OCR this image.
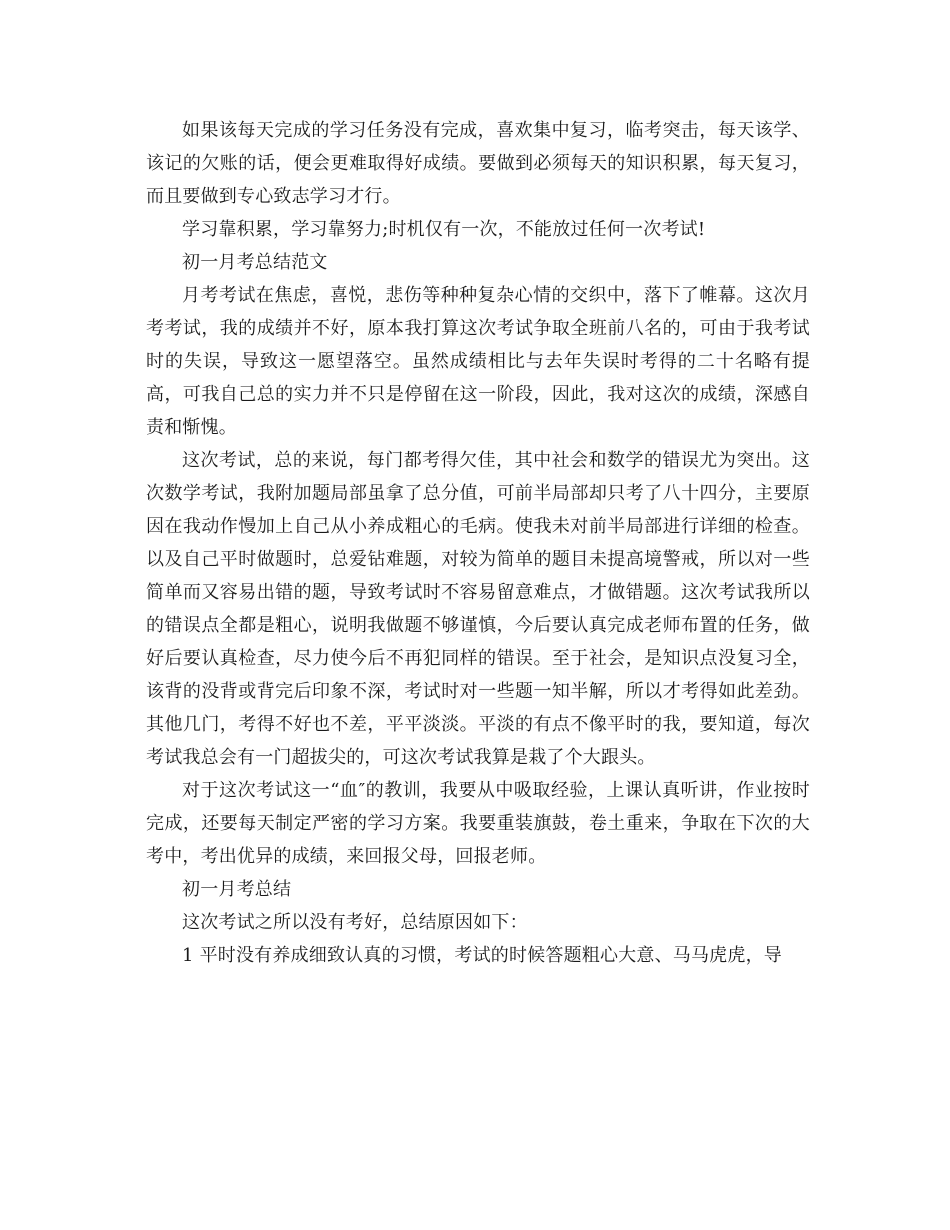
如果该每天完成的学习任务没有完成，喜欢集中复习，临考突击，每天该学、该记的欠账的话，便会更难取得好成绩。要做到必须每天的知识积累，每天复习，而且要做到专心致志学习才行。

学习靠积累，学习靠努力;时机仅有一次，不能放过任何一次考试!

初一月考总结范文

月考考试在焦虑，喜悦，悲伤等种种复杂心情的交织中，落下了帷幕。这次月考考试，我的成绩并不好，原本我打算这次考试争取全班前八名的，可由于我考试时的失误，导致这一愿望落空。虽然成绩相比与去年失误时考得的二十名略有提高，可我自己总的实力并不只是停留在这一阶段，因此，我对这次的成绩，深感自责和惭愧。

这次考试，总的来说，每门都考得欠佳，其中社会和数学的错误尤为突出。这次数学考试，我附加题局部虽拿了总分值，可前半局部却只考了八十四分，主要原因在我动作慢加上自己从小养成粗心的毛病。使我未对前半局部进行详细的检查。以及自己平时做题时，总爱钻难题，对较为简单的题目未提高境警戒，所以对一些简单而又容易出错的题，导致考试时不容易留意难点，才做错题。这次考试我所以的错误点全都是粗心，说明我做题不够谨慎，今后要认真完成老师布置的任务，做好后要认真检查，尽力使今后不再犯同样的错误。至于社会，是知识点没复习全，该背的没背或背完后印象不深，考试时对一些题一知半解，所以才考得如此差劲。其他几门，考得不好也不差，平平淡淡。平淡的有点不像平时的我，要知道，每次考试我总会有一门超拔尖的，可这次考试我算是栽了个大跟头。

对于这次考试这一“血″的教训，我要从中吸取经验，上课认真听讲，作业按时完成，还要每天制定严密的学习方案。我要重装旗鼓，卷土重来，争取在下次的大考中，考出优异的成绩，来回报父母，回报老师。

初一月考总结

这次考试之所以没有考好，总结原因如下：

1 平时没有养成细致认真的习惯，考试的时候答题粗心大意、马马虎虎，导
